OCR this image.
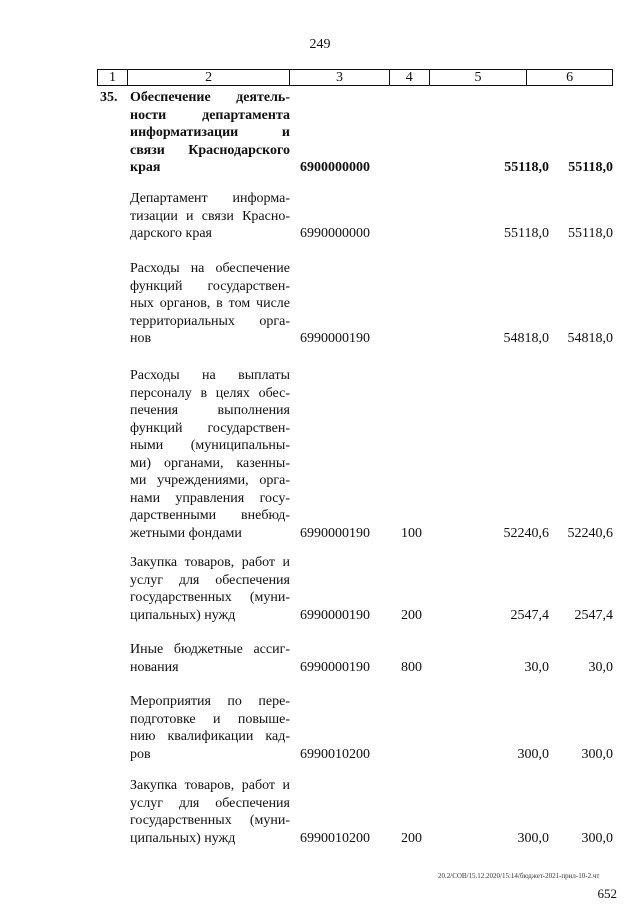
249
1	2	3	4	5	6
35. Обеспечение деятель-
ности департамента
информатизации и
связи Краснодарского
края	6900000000	55118,0	55118,0
Департамент информа-
тизации и связи Красно-
дарского края	6990000000	55118,0	55118,0
Расходы на обеспечение
функций государствен-
ных органов, в том числе
территориальных орга-
нов	6990000190	54818,0	54818,0
Расходы на выплаты
персоналу в целях обес-
печения выполнения
функций государствен-
ными (муниципальны-
ми) органами, казенны-
ми учреждениями, орга-
нами управления госу-
дарственными внебюд-
жетными фондами	6990000190 100	52240,6	52240,6
Закупка товаров, работ и
услуг для обеспечения
государственных (муни-
ципальных) нужд	6990000190 200	2547,4	2547,4
Иные бюджетные ассиг-
нования	6990000190 800	30,0	30,0
Мероприятия по пере-
подготовке и повыше-
нию квалификации кад-
ров	6990010200	300,0	300,0
Закупка товаров, работ и
услуг для обеспечения
государственных (муни-
ципальных) нужд	6990010200 200	300,0	300,0
20.2/СОВ/15.12.2020/15:14/бюджет-2021-прил-10-2.чт
652
